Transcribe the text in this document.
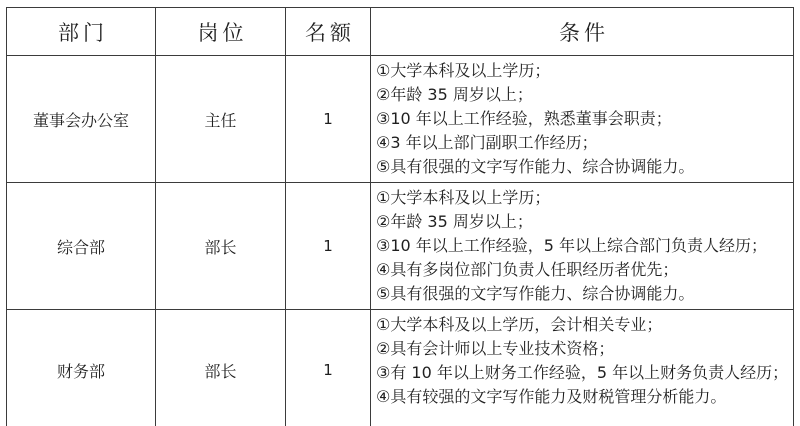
部门	岗位	名额	条件
董事会办公室	主任	1	①大学本科及以上学历；
②年龄 35 周岁以上；
③10 年以上工作经验，熟悉董事会职责；
④3 年以上部门副职工作经历；
⑤具有很强的文字写作能力、综合协调能力。

综合部	部长	1	①大学本科及以上学历；
②年龄 35 周岁以上；
③10 年以上工作经验，5 年以上综合部门负责人经历；
④具有多岗位部门负责人任职经历者优先；
⑤具有很强的文字写作能力、综合协调能力。

财务部	部长	1	①大学本科及以上学历，会计相关专业；
②具有会计师以上专业技术资格；
③有 10 年以上财务工作经验，5 年以上财务负责人经历；
④具有较强的文字写作能力及财税管理分析能力。
